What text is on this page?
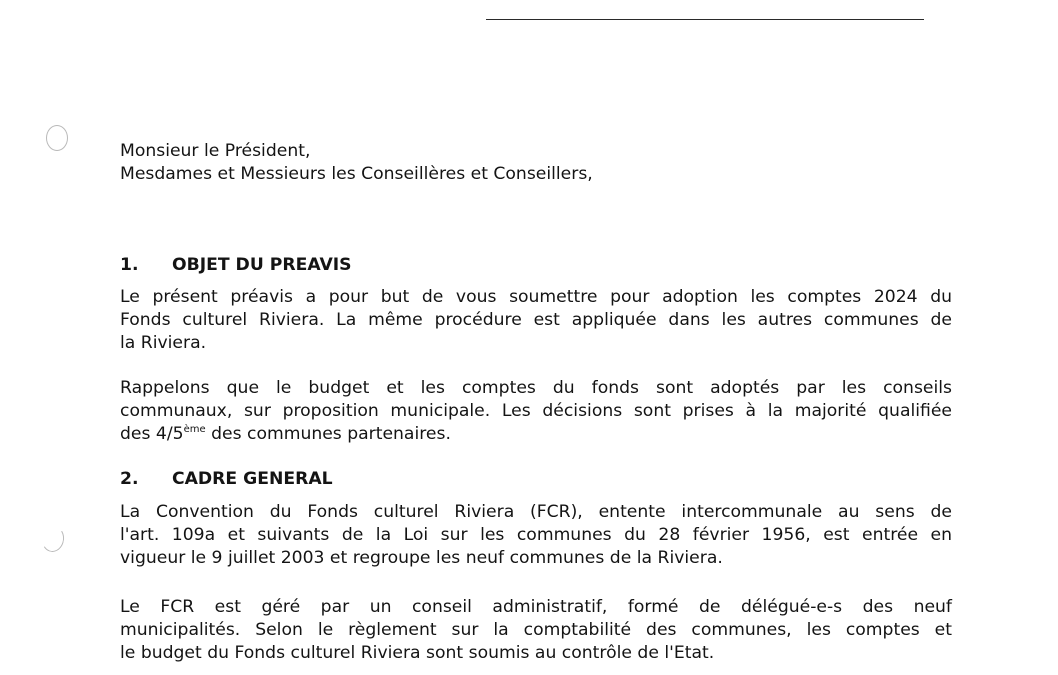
Monsieur le Président,
Mesdames et Messieurs les Conseillères et Conseillers,
1. OBJET DU PREAVIS
Le présent préavis a pour but de vous soumettre pour adoption les comptes 2024 du
Fonds culturel Riviera. La même procédure est appliquée dans les autres communes de
la Riviera.
Rappelons que le budget et les comptes du fonds sont adoptés par les conseils
communaux, sur proposition municipale. Les décisions sont prises à la majorité qualifiée
des 4/5ème des communes partenaires.
2. CADRE GENERAL
La Convention du Fonds culturel Riviera (FCR), entente intercommunale au sens de
l'art. 109a et suivants de la Loi sur les communes du 28 février 1956, est entrée en
vigueur le 9 juillet 2003 et regroupe les neuf communes de la Riviera.
Le FCR est géré par un conseil administratif, formé de délégué-e-s des neuf
municipalités. Selon le règlement sur la comptabilité des communes, les comptes et
le budget du Fonds culturel Riviera sont soumis au contrôle de l'Etat.
